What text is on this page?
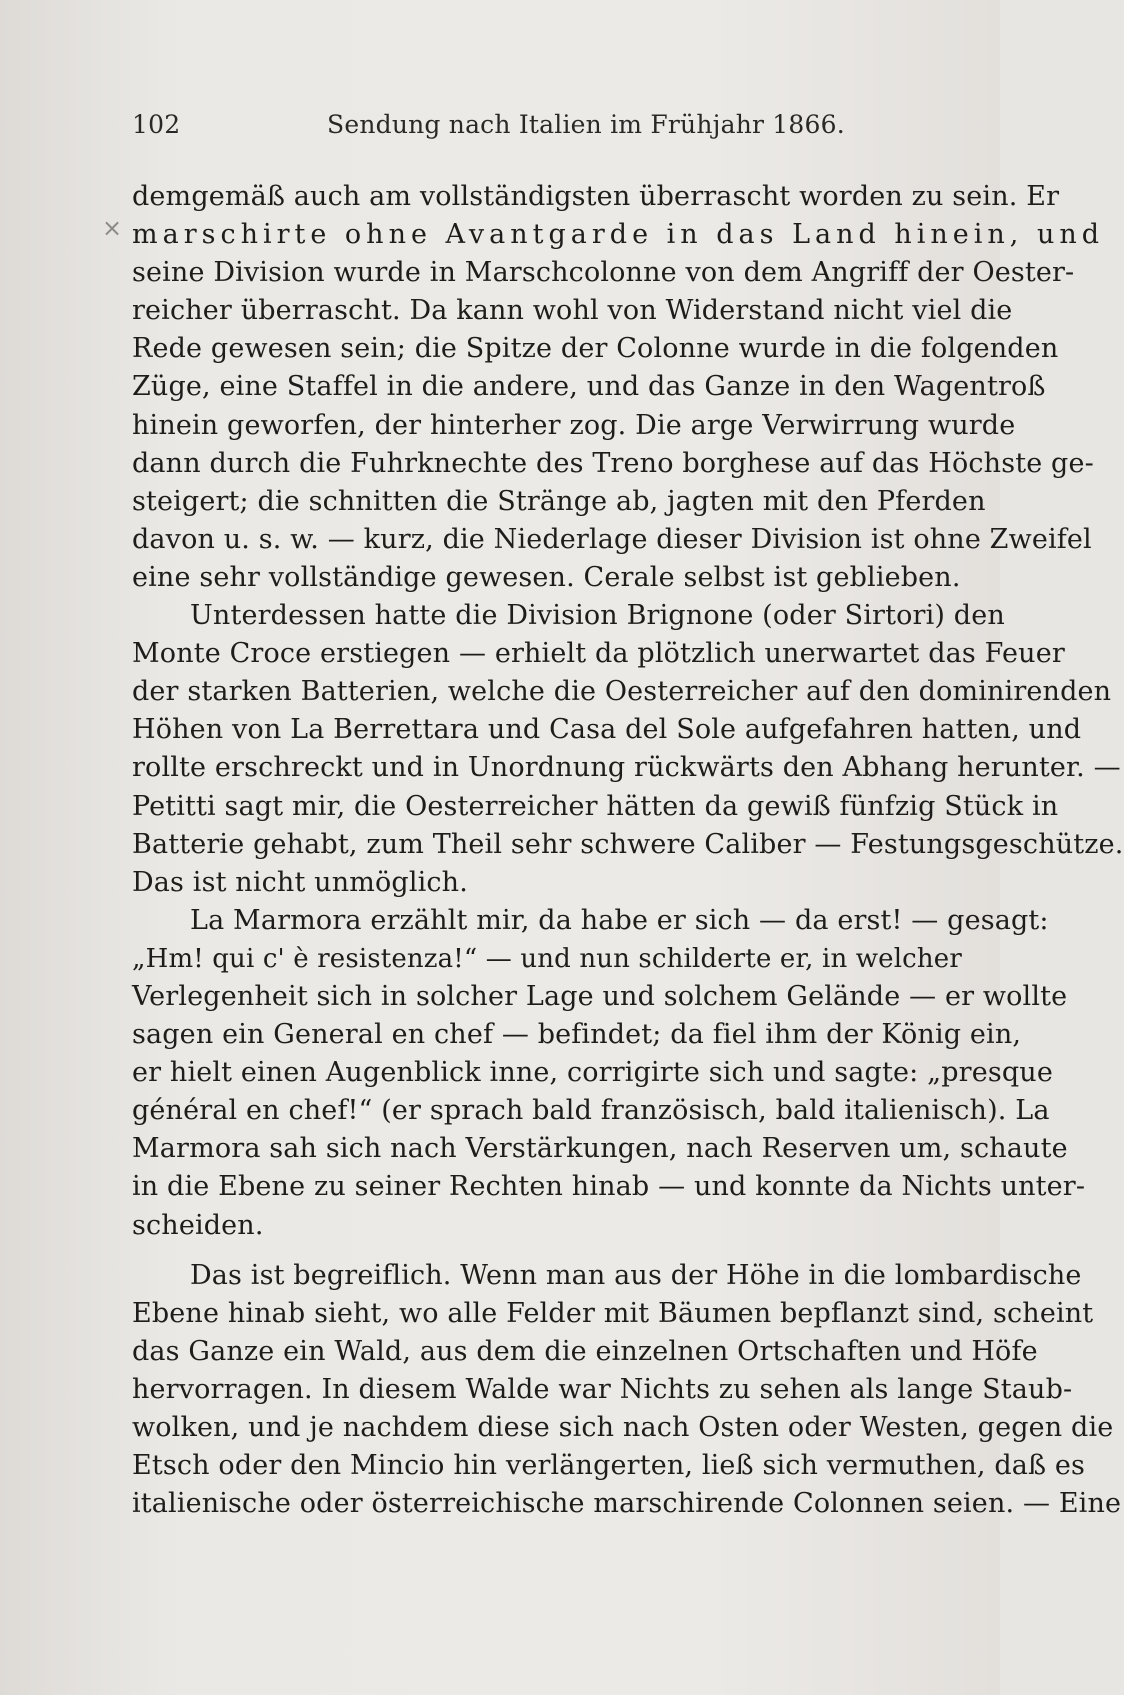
102	Sendung nach Italien im Frühjahr 1866.
×
demgemäß auch am vollständigsten überrascht worden zu sein. Er
marschirte ohne Avantgarde in das Land hinein, und
seine Division wurde in Marschcolonne von dem Angriff der Oester-
reicher überrascht. Da kann wohl von Widerstand nicht viel die
Rede gewesen sein; die Spitze der Colonne wurde in die folgenden
Züge, eine Staffel in die andere, und das Ganze in den Wagentroß
hinein geworfen, der hinterher zog. Die arge Verwirrung wurde
dann durch die Fuhrknechte des Treno borghese auf das Höchste ge-
steigert; die schnitten die Stränge ab, jagten mit den Pferden
davon u. s. w. — kurz, die Niederlage dieser Division ist ohne Zweifel
eine sehr vollständige gewesen. Cerale selbst ist geblieben.
Unterdessen hatte die Division Brignone (oder Sirtori) den
Monte Croce erstiegen — erhielt da plötzlich unerwartet das Feuer
der starken Batterien, welche die Oesterreicher auf den dominirenden
Höhen von La Berrettara und Casa del Sole aufgefahren hatten, und
rollte erschreckt und in Unordnung rückwärts den Abhang herunter. —
Petitti sagt mir, die Oesterreicher hätten da gewiß fünfzig Stück in
Batterie gehabt, zum Theil sehr schwere Caliber — Festungsgeschütze.
Das ist nicht unmöglich.
La Marmora erzählt mir, da habe er sich — da erst! — gesagt:
„Hm! qui c' è resistenza!“ — und nun schilderte er, in welcher
Verlegenheit sich in solcher Lage und solchem Gelände — er wollte
sagen ein General en chef — befindet; da fiel ihm der König ein,
er hielt einen Augenblick inne, corrigirte sich und sagte: „presque
général en chef!“ (er sprach bald französisch, bald italienisch). La
Marmora sah sich nach Verstärkungen, nach Reserven um, schaute
in die Ebene zu seiner Rechten hinab — und konnte da Nichts unter-
scheiden.
Das ist begreiflich. Wenn man aus der Höhe in die lombardische
Ebene hinab sieht, wo alle Felder mit Bäumen bepflanzt sind, scheint
das Ganze ein Wald, aus dem die einzelnen Ortschaften und Höfe
hervorragen. In diesem Walde war Nichts zu sehen als lange Staub-
wolken, und je nachdem diese sich nach Osten oder Westen, gegen die
Etsch oder den Mincio hin verlängerten, ließ sich vermuthen, daß es
italienische oder österreichische marschirende Colonnen seien. — Eine
